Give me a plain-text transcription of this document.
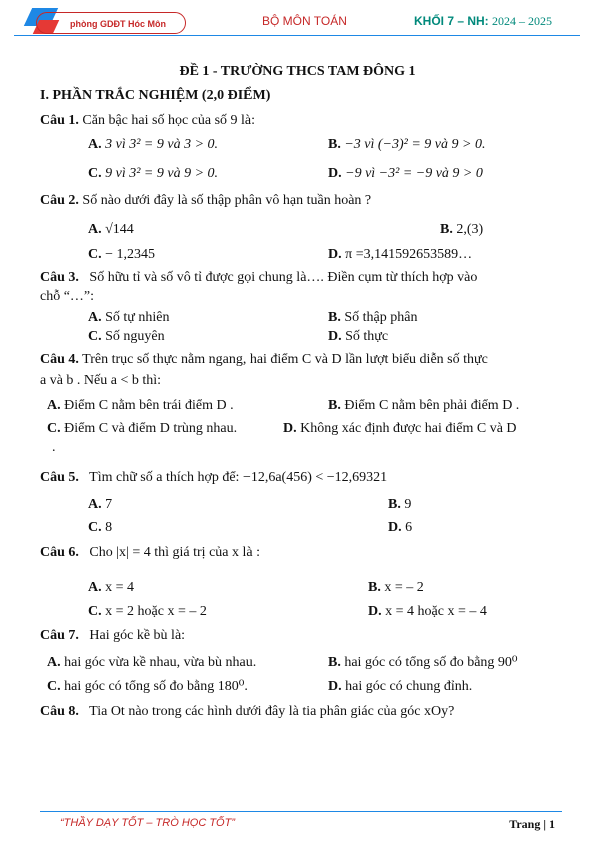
phòng GDĐT Hóc Môn	BỘ MÔN TOÁN	KHỐI 7 – NH: 2024 – 2025
ĐỀ 1 - TRƯỜNG THCS TAM ĐÔNG 1
I. PHẦN TRẮC NGHIỆM (2,0 ĐIỂM)
Câu 1. Căn bậc hai số học của số 9 là:
A. 3 vì 3² = 9 và 3 > 0.	B. −3 vì (−3)² = 9 và 9 > 0.
C. 9 vì 3² = 9 và 9 > 0.	D. −9 vì −3² = −9 và 9 > 0
Câu 2. Số nào dưới đây là số thập phân vô hạn tuần hoàn ?
A. √144	B. 2,(3)
C. − 1,2345	D. π =3,141592653589…
Câu 3. Số hữu tỉ và số vô tỉ được gọi chung là…. Điền cụm từ thích hợp vào
chỗ “…”:
A. Số tự nhiên	B. Số thập phân
C. Số nguyên	D. Số thực
Câu 4. Trên trục số thực nằm ngang, hai điểm C và D lần lượt biểu diễn số thực
a và b . Nếu a < b thì:
A. Điểm C nằm bên trái điểm D .	B. Điểm C nằm bên phải điểm D .
C. Điểm C và điểm D trùng nhau.	D. Không xác định được hai điểm C và D
.
Câu 5. Tìm chữ số a thích hợp để: −12,6a(456) < −12,69321
A. 7	B. 9
C. 8	D. 6
Câu 6. Cho |x| = 4 thì giá trị của x là :
A. x = 4	B. x = – 2
C. x = 2 hoặc x = – 2	D. x = 4 hoặc x = – 4
Câu 7. Hai góc kề bù là:
A. hai góc vừa kề nhau, vừa bù nhau.	B. hai góc có tổng số đo bằng 90⁰
C. hai góc có tổng số đo bằng 180⁰.	D. hai góc có chung đỉnh.
Câu 8. Tia Ot nào trong các hình dưới đây là tia phân giác của góc xOy?
“THẦY DẠY TỐT – TRÒ HỌC TỐT”	Trang | 1
